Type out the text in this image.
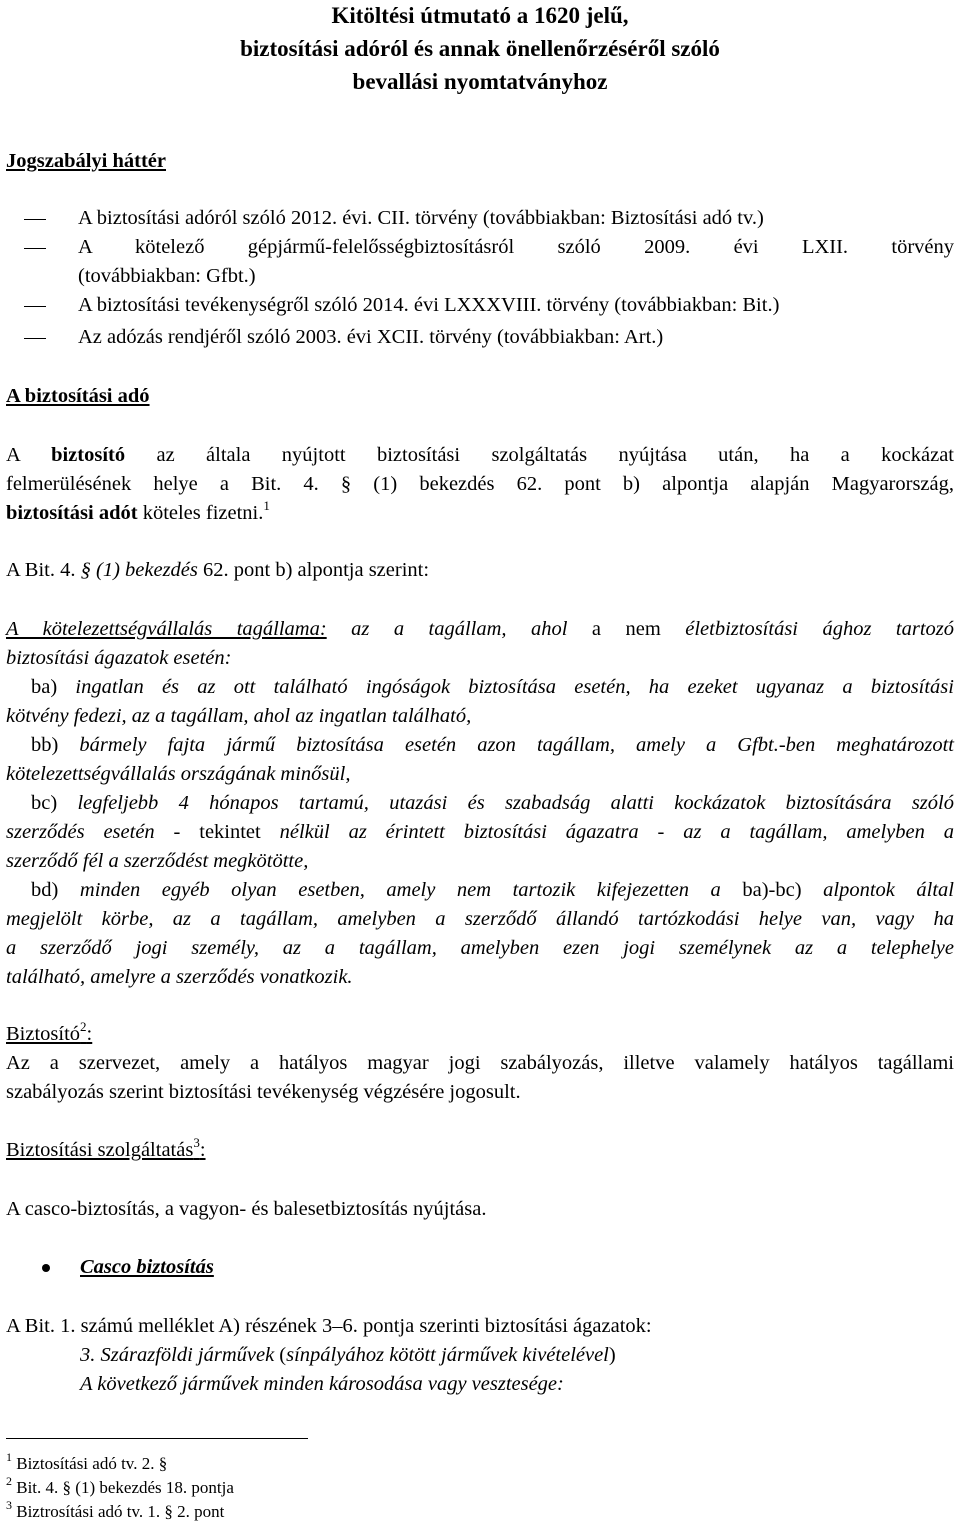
Kitöltési útmutató a 1620 jelű,
biztosítási adóról és annak önellenőrzéséről szóló
bevallási nyomtatványhoz
Jogszabályi háttér
A biztosítási adóról szóló 2012. évi. CII. törvény (továbbiakban: Biztosítási adó tv.)
A kötelező gépjármű-felelősségbiztosításról szóló 2009. évi LXII. törvény
(továbbiakban: Gfbt.)
A biztosítási tevékenységről szóló 2014. évi LXXXVIII. törvény (továbbiakban: Bit.)
Az adózás rendjéről szóló 2003. évi XCII. törvény (továbbiakban: Art.)
A biztosítási adó
A biztosító az általa nyújtott biztosítási szolgáltatás nyújtása után, ha a kockázat
felmerülésének helye a Bit. 4. § (1) bekezdés 62. pont b) alpontja alapján Magyarország,
biztosítási adót köteles fizetni.$^1$
A Bit. 4. § (1) bekezdés 62. pont b) alpontja szerint:
A kötelezettségvállalás tagállama: az a tagállam, ahol a nem életbiztosítási ághoz tartozó
biztosítási ágazatok esetén:
ba) ingatlan és az ott található ingóságok biztosítása esetén, ha ezeket ugyanaz a biztosítási
kötvény fedezi, az a tagállam, ahol az ingatlan található,
bb) bármely fajta jármű biztosítása esetén azon tagállam, amely a Gfbt.-ben meghatározott
kötelezettségvállalás országának minősül,
bc) legfeljebb 4 hónapos tartamú, utazási és szabadság alatti kockázatok biztosítására szóló
szerződés esetén - tekintet nélkül az érintett biztosítási ágazatra - az a tagállam, amelyben a
szerződő fél a szerződést megkötötte,
bd) minden egyéb olyan esetben, amely nem tartozik kifejezetten a ba)-bc) alpontok által
megjelölt körbe, az a tagállam, amelyben a szerződő állandó tartózkodási helye van, vagy ha
a szerződő jogi személy, az a tagállam, amelyben ezen jogi személynek az a telephelye
található, amelyre a szerződés vonatkozik.
Biztosító$^2$:
Az a szervezet, amely a hatályos magyar jogi szabályozás, illetve valamely hatályos tagállami
szabályozás szerint biztosítási tevékenység végzésére jogosult.
Biztosítási szolgáltatás$^3$:
A casco-biztosítás, a vagyon- és balesetbiztosítás nyújtása.
Casco biztosítás
A Bit. 1. számú melléklet A) részének 3–6. pontja szerinti biztosítási ágazatok:
3. Szárazföldi járművek (sínpályához kötött járművek kivételével)
A következő járművek minden károsodása vagy vesztesége:
$^1$ Biztosítási adó tv. 2. §
$^2$ Bit. 4. § (1) bekezdés 18. pontja
$^3$ Biztrosítási adó tv. 1. § 2. pont
